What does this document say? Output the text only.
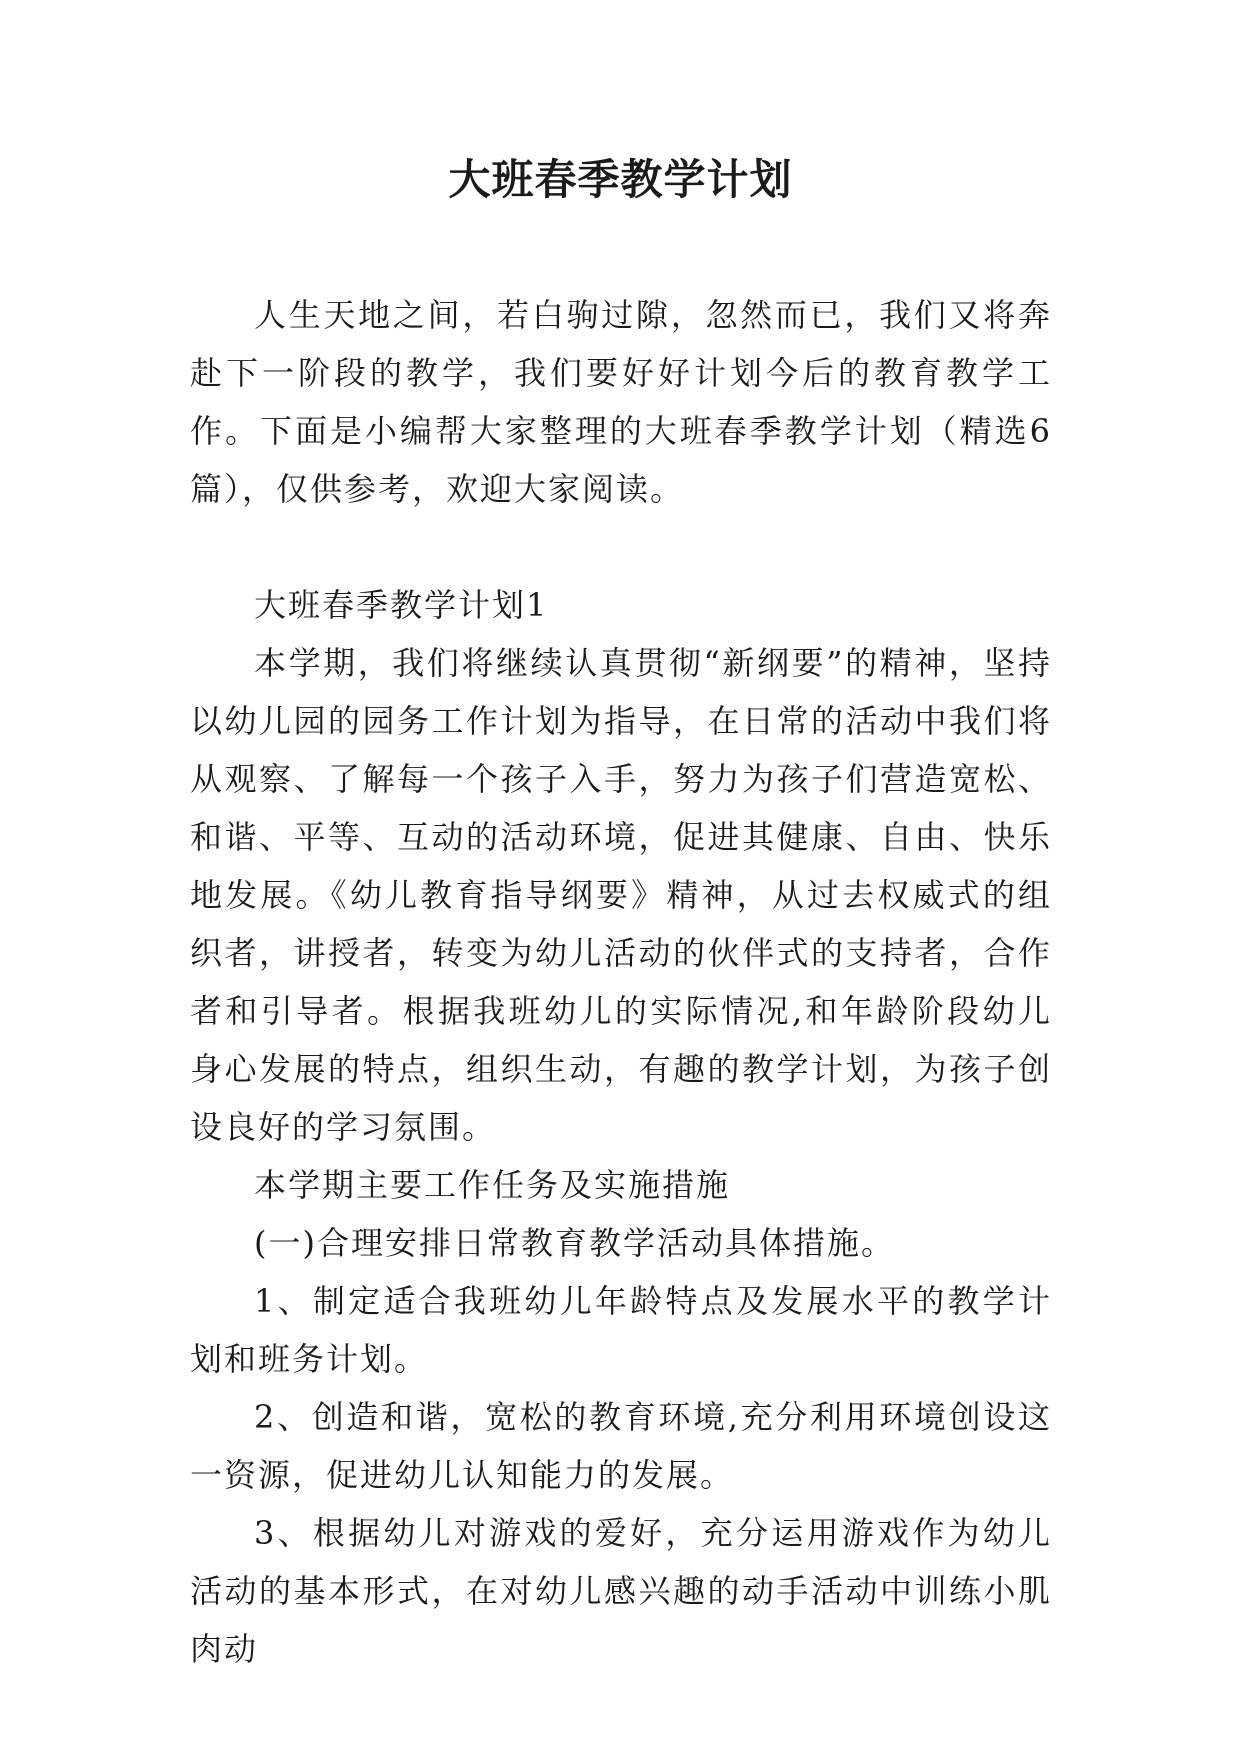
大班春季教学计划

人生天地之间，若白驹过隙，忽然而已，我们又将奔赴下一阶段的教学，我们要好好计划今后的教育教学工作。下面是小编帮大家整理的大班春季教学计划（精选6篇），仅供参考，欢迎大家阅读。

大班春季教学计划1

本学期，我们将继续认真贯彻“新纲要”的精神，坚持以幼儿园的园务工作计划为指导，在日常的活动中我们将从观察、了解每一个孩子入手，努力为孩子们营造宽松、和谐、平等、互动的活动环境，促进其健康、自由、快乐地发展。《幼儿教育指导纲要》精神，从过去权威式的组织者，讲授者，转变为幼儿活动的伙伴式的支持者，合作者和引导者。根据我班幼儿的实际情况,和年龄阶段幼儿身心发展的特点，组织生动，有趣的教学计划，为孩子创设良好的学习氛围。

本学期主要工作任务及实施措施

(一)合理安排日常教育教学活动具体措施。

1、制定适合我班幼儿年龄特点及发展水平的教学计划和班务计划。

2、创造和谐，宽松的教育环境,充分利用环境创设这一资源，促进幼儿认知能力的发展。

3、根据幼儿对游戏的爱好，充分运用游戏作为幼儿活动的基本形式，在对幼儿感兴趣的动手活动中训练小肌肉动
